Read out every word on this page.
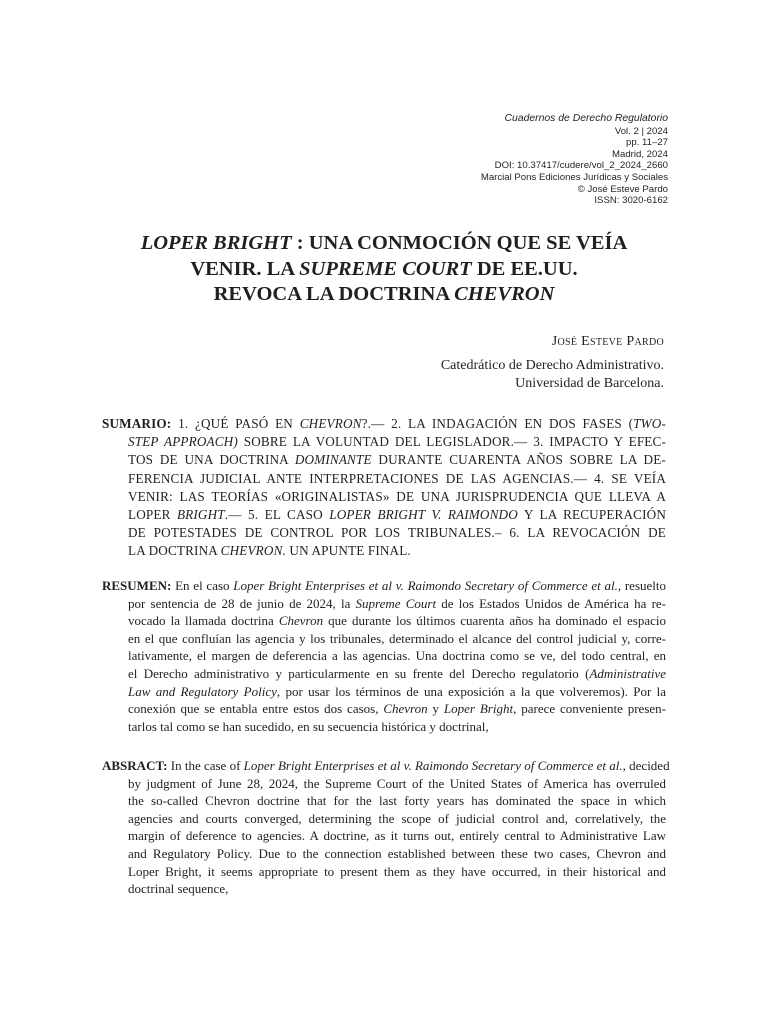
Cuadernos de Derecho Regulatorio
Vol. 2 | 2024
pp. 11–27
Madrid, 2024
DOI: 10.37417/cudere/vol_2_2024_2660
Marcial Pons Ediciones Jurídicas y Sociales
© José Esteve Pardo
ISSN: 3020-6162
LOPER BRIGHT : UNA CONMOCIÓN QUE SE VEÍA
VENIR. LA SUPREME COURT DE EE.UU.
REVOCA LA DOCTRINA CHEVRON
José Esteve Pardo
Catedrático de Derecho Administrativo.
Universidad de Barcelona.
SUMARIO: 1. ¿QUÉ PASÓ EN CHEVRON?.— 2. LA INDAGACIÓN EN DOS FASES (TWO-
STEP APPROACH) SOBRE LA VOLUNTAD DEL LEGISLADOR.— 3. IMPACTO Y EFEC-
TOS DE UNA DOCTRINA DOMINANTE DURANTE CUARENTA AÑOS SOBRE LA DE-
FERENCIA JUDICIAL ANTE INTERPRETACIONES DE LAS AGENCIAS.— 4. SE VEÍA
VENIR: LAS TEORÍAS «ORIGINALISTAS» DE UNA JURISPRUDENCIA QUE LLEVA A
LOPER BRIGHT.— 5. EL CASO LOPER BRIGHT V. RAIMONDO Y LA RECUPERACIÓN
DE POTESTADES DE CONTROL POR LOS TRIBUNALES.– 6. LA REVOCACIÓN DE
LA DOCTRINA CHEVRON. UN APUNTE FINAL.
RESUMEN: En el caso Loper Bright Enterprises et al v. Raimondo Secretary of Commerce et al., resuelto
por sentencia de 28 de junio de 2024, la Supreme Court de los Estados Unidos de América ha re-
vocado la llamada doctrina Chevron que durante los últimos cuarenta años ha dominado el espacio
en el que confluían las agencia y los tribunales, determinado el alcance del control judicial y, corre-
lativamente, el margen de deferencia a las agencias. Una doctrina como se ve, del todo central, en
el Derecho administrativo y particularmente en su frente del Derecho regulatorio (Administrative
Law and Regulatory Policy, por usar los términos de una exposición a la que volveremos). Por la
conexión que se entabla entre estos dos casos, Chevron y Loper Bright, parece conveniente presen-
tarlos tal como se han sucedido, en su secuencia histórica y doctrinal,
ABSRACT: In the case of Loper Bright Enterprises et al v. Raimondo Secretary of Commerce et al., decided
by judgment of June 28, 2024, the Supreme Court of the United States of America has overruled
the so-called Chevron doctrine that for the last forty years has dominated the space in which
agencies and courts converged, determining the scope of judicial control and, correlatively, the
margin of deference to agencies. A doctrine, as it turns out, entirely central to Administrative Law
and Regulatory Policy. Due to the connection established between these two cases, Chevron and
Loper Bright, it seems appropriate to present them as they have occurred, in their historical and
doctrinal sequence,
